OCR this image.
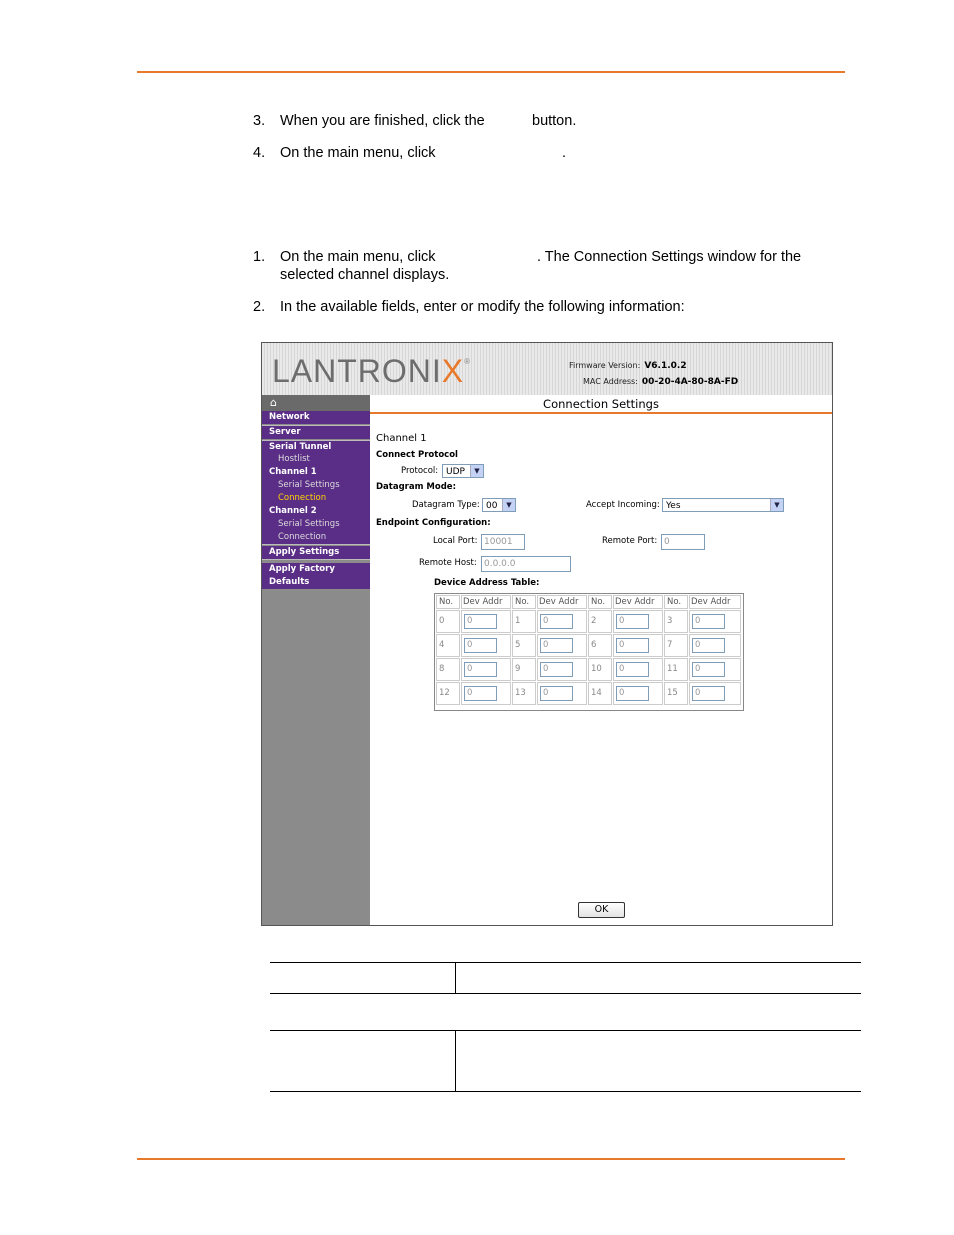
3. When you are finished, click the	button.
4. On the main menu, click	.
1. On the main menu, click	. The Connection Settings window for the
selected channel displays.
2. In the available fields, enter or modify the following information:
LANTRONIX®	Firmware Version: V6.1.0.2
MAC Address: 00-20-4A-80-8A-FD
⌂
Network
Server
Serial Tunnel
Hostlist
Channel 1
Serial Settings
Connection
Channel 2
Serial Settings
Connection
Apply Settings
Apply Factory Defaults
Connection Settings
Channel 1
Connect Protocol
Protocol: UDP	▼
Datagram Mode:
Datagram Type: 00	▼	Accept Incoming: Yes	▼
Endpoint Configuration:
Local Port: 10001	Remote Port: 0
Remote Host: 0.0.0.0
Device Address Table:
No. Dev Addr No. Dev Addr No. Dev Addr No. Dev Addr
0	0	1	0	2	0	3	0
4	0	5	0	6	0	7	0
8	0	9	0	10	0	11	0
12	0	13	0	14	0	15	0
OK
